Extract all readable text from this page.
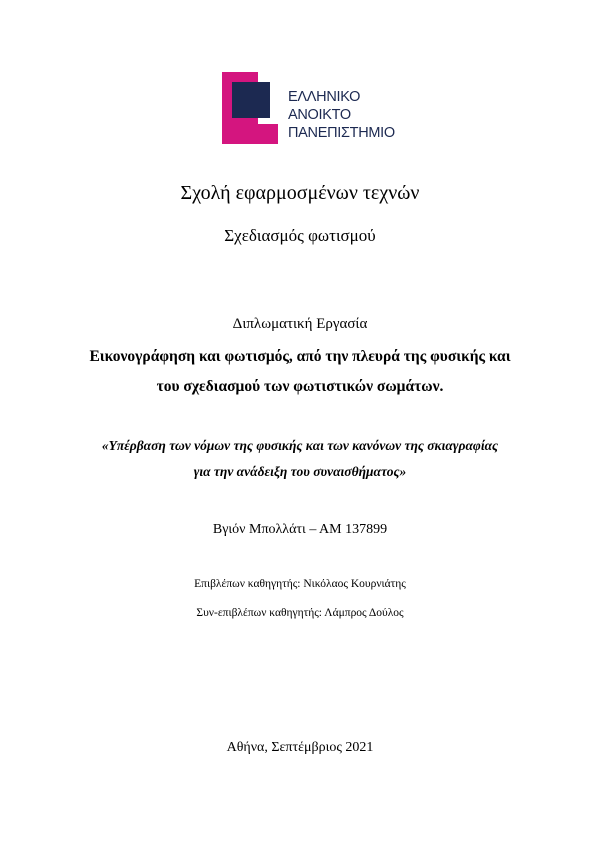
ΕΛΛΗΝΙΚΟ
ΑΝΟΙΚΤΟ
ΠΑΝΕΠΙΣΤΗΜΙΟ
Σχολή εφαρμοσμένων τεχνών
Σχεδιασμός φωτισμού
Διπλωματική Εργασία
Εικονογράφηση και φωτισμός, από την πλευρά της φυσικής και
του σχεδιασμού των φωτιστικών σωμάτων.
«Υπέρβαση των νόμων της φυσικής και των κανόνων της σκιαγραφίας
για την ανάδειξη του συναισθήματος»
Βγιόν Μπολλάτι – ΑΜ 137899
Επιβλέπων καθηγητής: Νικόλαος Κουρνιάτης
Συν-επιβλέπων καθηγητής: Λάμπρος Δούλος
Αθήνα, Σεπτέμβριος 2021
